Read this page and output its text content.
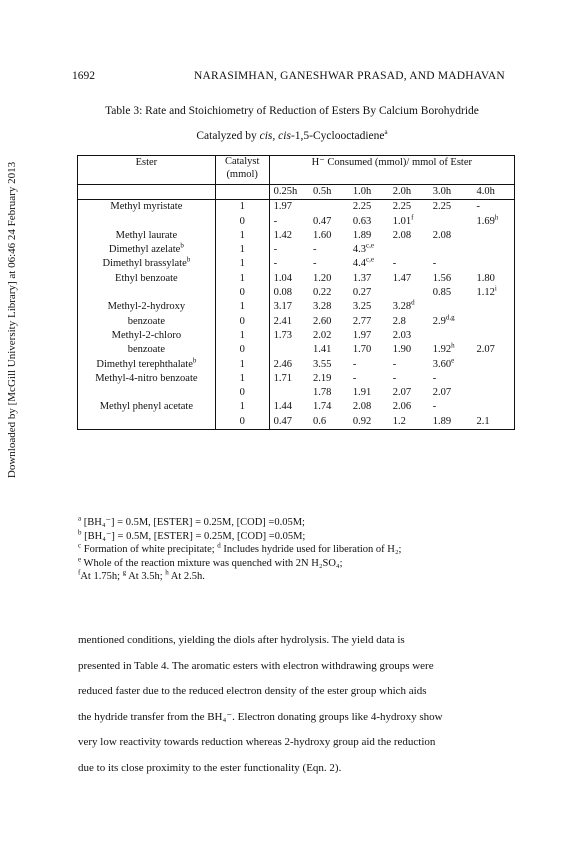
Downloaded by [McGill University Library] at 06:46 24 February 2013
1692	NARASIMHAN, GANESHWAR PRASAD, AND MADHAVAN
Table 3: Rate and Stoichiometry of Reduction of Esters By Calcium Borohydride
Catalyzed by cis, cis-1,5-Cyclooctadiene$^a$
Ester	Catalyst (mmol)	H⁻ Consumed (mmol)/ mmol of Ester					

		0.25h	0.5h	1.0h	2.0h	3.0h	4.0h
Methyl myristate	1	1.97		2.25	2.25	2.25	-
	0	-	0.47	0.63	1.01$^f$		1.69$^h$
Methyl laurate	1	1.42	1.60	1.89	2.08	2.08	
Dimethyl azelate$^b$	1	-	-	4.3$^{c,e}$			
Dimethyl brassylate$^b$	1	-	-	4.4$^{c,e}$	-	-	
Ethyl benzoate	1	1.04	1.20	1.37	1.47	1.56	1.80
	0	0.08	0.22	0.27		0.85	1.12$^i$
Methyl-2-hydroxy	1	3.17	3.28	3.25	3.28$^d$		
benzoate	0	2.41	2.60	2.77	2.8	2.9$^{d,g}$	
Methyl-2-chloro	1	1.73	2.02	1.97	2.03		
benzoate	0		1.41	1.70	1.90	1.92$^h$	2.07
Dimethyl terephthalate$^b$	1	2.46	3.55	-	-	3.60e	
Methyl-4-nitro benzoate	1	1.71	2.19	-	-	-	
	0		1.78	1.91	2.07	2.07	
Methyl phenyl acetate	1	1.44	1.74	2.08	2.06	-	
	0	0.47	0.6	0.92	1.2	1.89	2.1
$^a$ [BH₄⁻] = 0.5M, [ESTER] = 0.25M, [COD] =0.05M;
$^b$ [BH₄⁻] = 0.5M, [ESTER] = 0.25M, [COD] =0.05M;
$^c$ Formation of white precipitate; $^d$ Includes hydride used for liberation of H₂;
$^e$ Whole of the reaction mixture was quenched with 2N H₂SO₄;
$^f$At 1.75h; $^g$ At 3.5h; $^h$ At 2.5h.
mentioned conditions, yielding the diols after hydrolysis. The yield data is
presented in Table 4. The aromatic esters with electron withdrawing groups were
reduced faster due to the reduced electron density of the ester group which aids
the hydride transfer from the BH₄⁻. Electron donating groups like 4-hydroxy show
very low reactivity towards reduction whereas 2-hydroxy group aid the reduction
due to its close proximity to the ester functionality (Eqn. 2).
